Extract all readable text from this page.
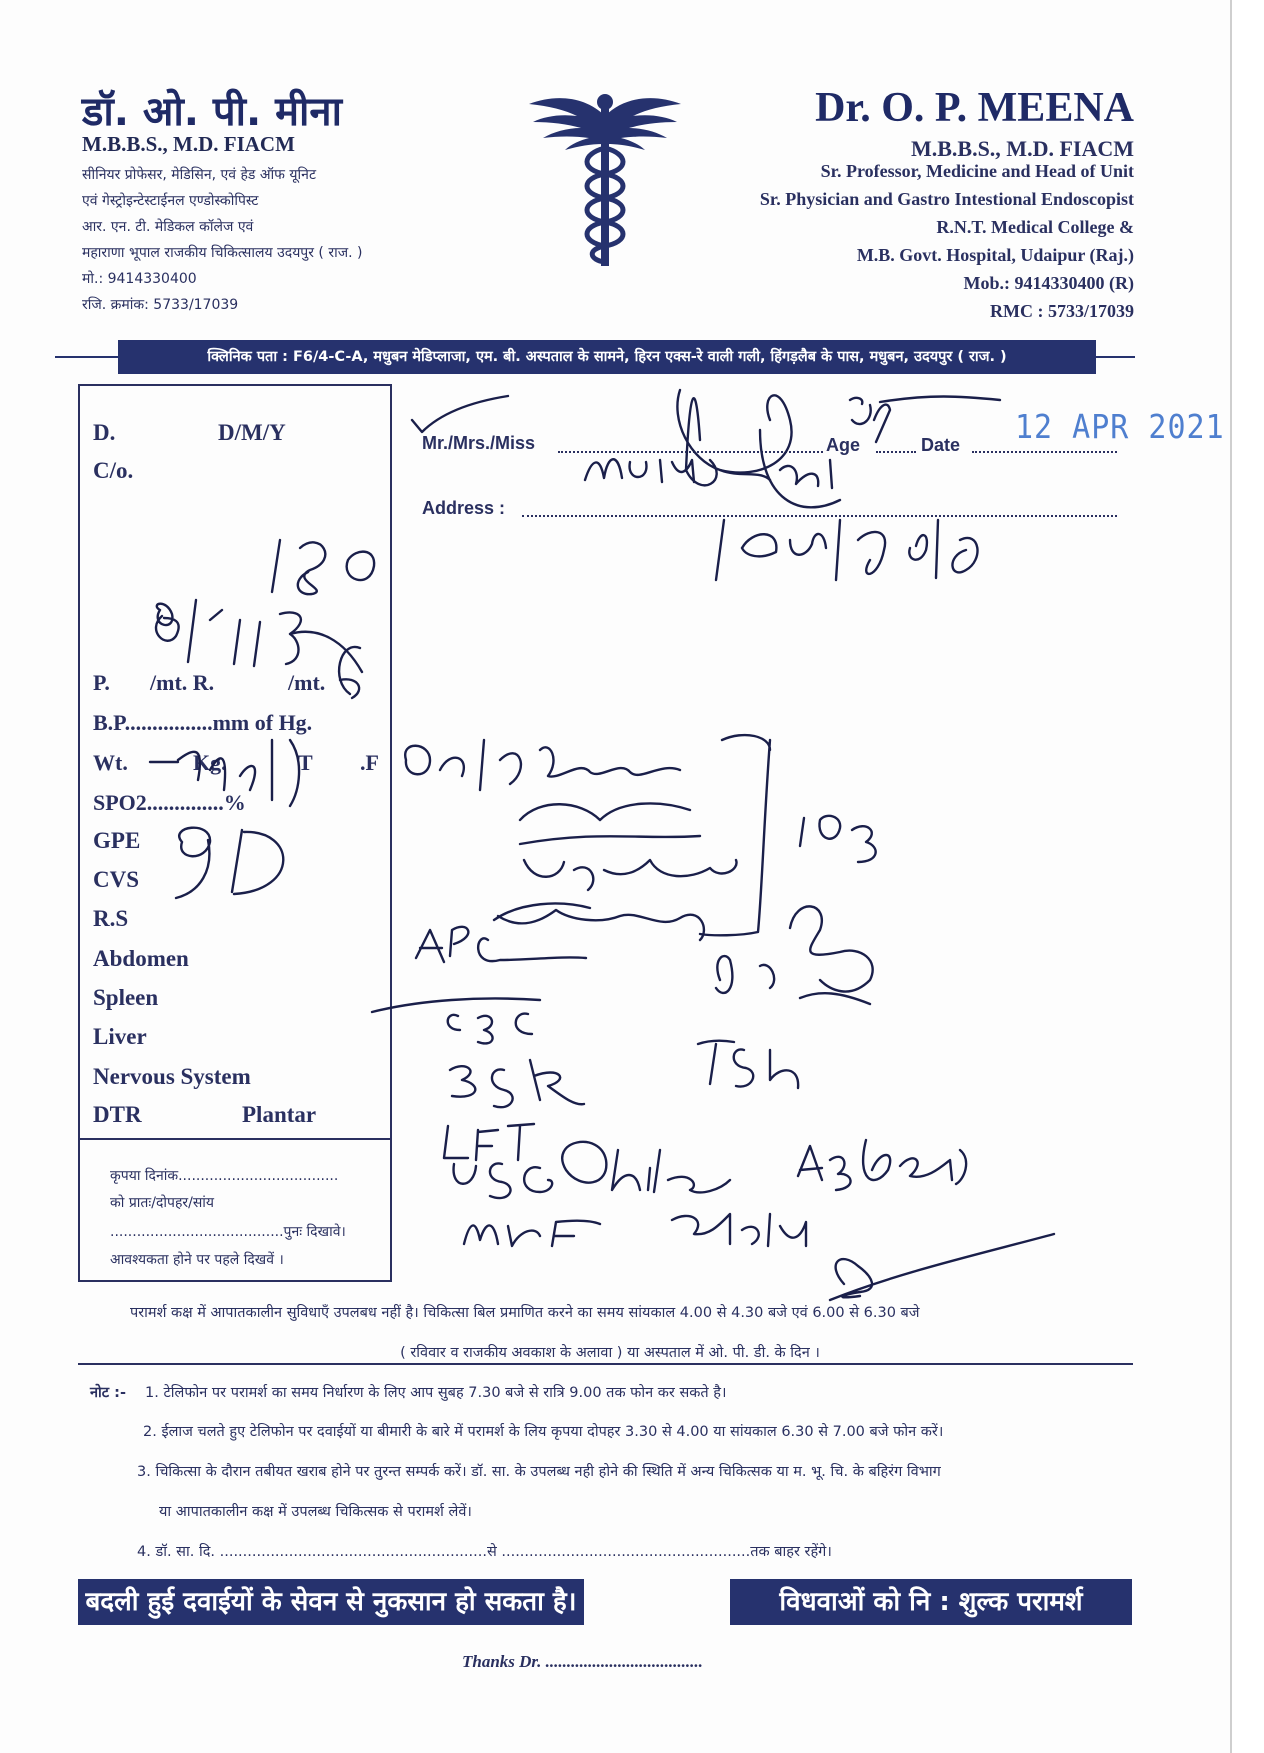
डॉ. ओ. पी. मीना
M.B.B.S., M.D. FIACM
सीनियर प्रोफेसर, मेडिसिन, एवं हेड ऑफ यूनिट
एवं गेस्ट्रोइन्टेस्टाईनल एण्डोस्कोपिस्ट
आर. एन. टी. मेडिकल कॉलेज एवं
महाराणा भूपाल राजकीय चिकित्सालय उदयपुर ( राज. )
मो.: 9414330400
रजि. क्रमांक: 5733/17039
Dr. O. P. MEENA
M.B.B.S., M.D. FIACM
Sr. Professor, Medicine and Head of Unit
Sr. Physician and Gastro Intestional Endoscopist
R.N.T. Medical College &
M.B. Govt. Hospital, Udaipur (Raj.)
Mob.: 9414330400 (R)
RMC : 5733/17039
क्लिनिक पता : F6/4-C-A, मधुबन मेडिप्लाजा, एम. बी. अस्पताल के सामने, हिरन एक्स-रे वाली गली, हिंगड़लैब के पास, मधुबन, उदयपुर ( राज. )
D.	D/M/Y
C/o.
P. /mt. R.	/mt.
B.P................mm of Hg.
Wt.	Kg.	T .F
SPO2..............%
GPE
CVS
R.S
Abdomen
Spleen
Liver
Nervous System
DTR	Plantar
कृपया दिनांक....................................
को प्रातः/दोपहर/सांय
.......................................पुनः दिखावे।
आवश्यकता होने पर पहले दिखवें ।
Mr./Mrs./Miss	Age	Date 12 APR 2021
Address :
परामर्श कक्ष में आपातकालीन सुविधाएँ उपलबध नहीं है। चिकित्सा बिल प्रमाणित करने का समय सांयकाल 4.00 से 4.30 बजे एवं 6.00 से 6.30 बजे
( रविवार व राजकीय अवकाश के अलावा ) या अस्पताल में ओ. पी. डी. के दिन ।
नोट :- 1. टेलिफोन पर परामर्श का समय निर्धारण के लिए आप सुबह 7.30 बजे से रात्रि 9.00 तक फोन कर सकते है।
2. ईलाज चलते हुए टेलिफोन पर दवाईयों या बीमारी के बारे में परामर्श के लिय कृपया दोपहर 3.30 से 4.00 या सांयकाल 6.30 से 7.00 बजे फोन करें।
3. चिकित्सा के दौरान तबीयत खराब होने पर तुरन्त सम्पर्क करें। डॉ. सा. के उपलब्ध नही होने की स्थिति में अन्य चिकित्सक या म. भू. चि. के बहिरंग विभाग
या आपातकालीन कक्ष में उपलब्ध चिकित्सक से परामर्श लेवें।
4. डॉ. सा. दि. ..........................................................से ......................................................तक बाहर रहेंगे।
बदली हुई दवाईयों के सेवन से नुकसान हो सकता है।	विधवाओं को नि : शुल्क परामर्श
Thanks Dr. .....................................
